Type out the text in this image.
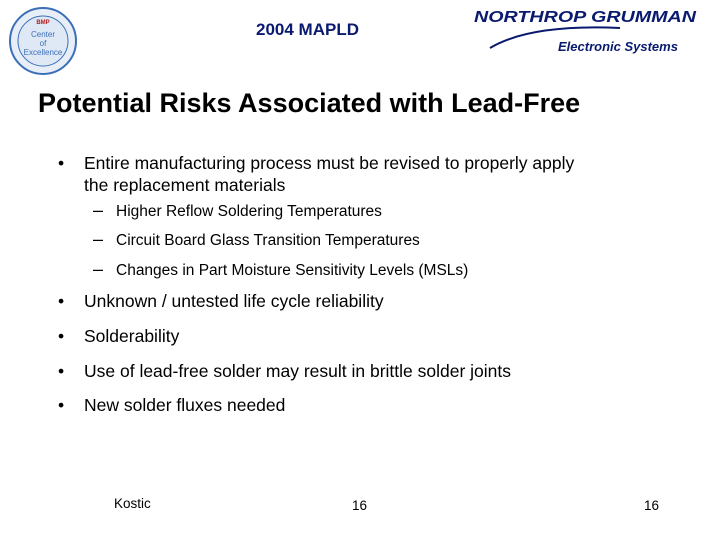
BMP
Center
of
Excellence
2004 MAPLD
NORTHROP GRUMMAN
Electronic Systems
Potential Risks Associated with Lead-Free
• Entire manufacturing process must be revised to properly apply
the replacement materials
– Higher Reflow Soldering Temperatures
– Circuit Board Glass Transition Temperatures
– Changes in Part Moisture Sensitivity Levels (MSLs)
• Unknown / untested life cycle reliability
• Solderability
• Use of lead-free solder may result in brittle solder joints
• New solder fluxes needed
Kostic	16	16
